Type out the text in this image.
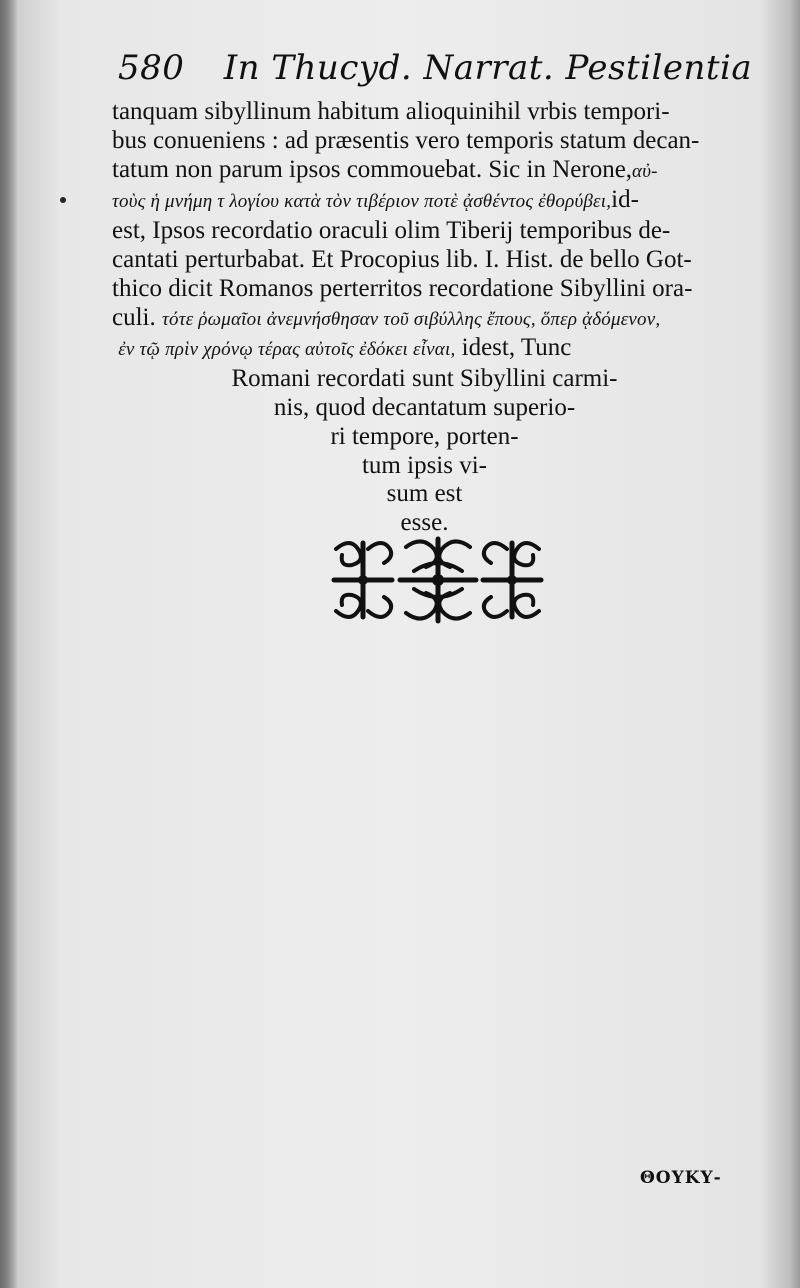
580 In Thucyd. Narrat. Pestilentia
tanquam sibyllinum habitum alioquinihil vrbis tempori-
bus conueniens : ad præsentis vero temporis statum decan-
tatum non parum ipsos commouebat. Sic in Nerone,αὐ-
τοὺς ἡ μνήμη τ λογίου κατὰ τὸν τιβέριον ποτὲ ᾀσθέντος ἐθορύβει,id-
est, Ipsos recordatio oraculi olim Tiberij temporibus de-
cantati perturbabat. Et Procopius lib. I. Hist. de bello Got-
thico dicit Romanos perterritos recordatione Sibyllini ora-
culi. τότε ῥωμαῖοι ἀνεμνήσθησαν τοῦ σιβύλλης ἔπους, ὅπερ ᾀδόμενον,
ἐν τῷ πρὶν χρόνῳ τέρας αὐτοῖς ἐδόκει εἶναι, idest, Tunc
Romani recordati sunt Sibyllini carmi-
nis, quod decantatum superio-
ri tempore, porten-
tum ipsis vi-
sum est
esse.
ΘΟΥΚΥ-
